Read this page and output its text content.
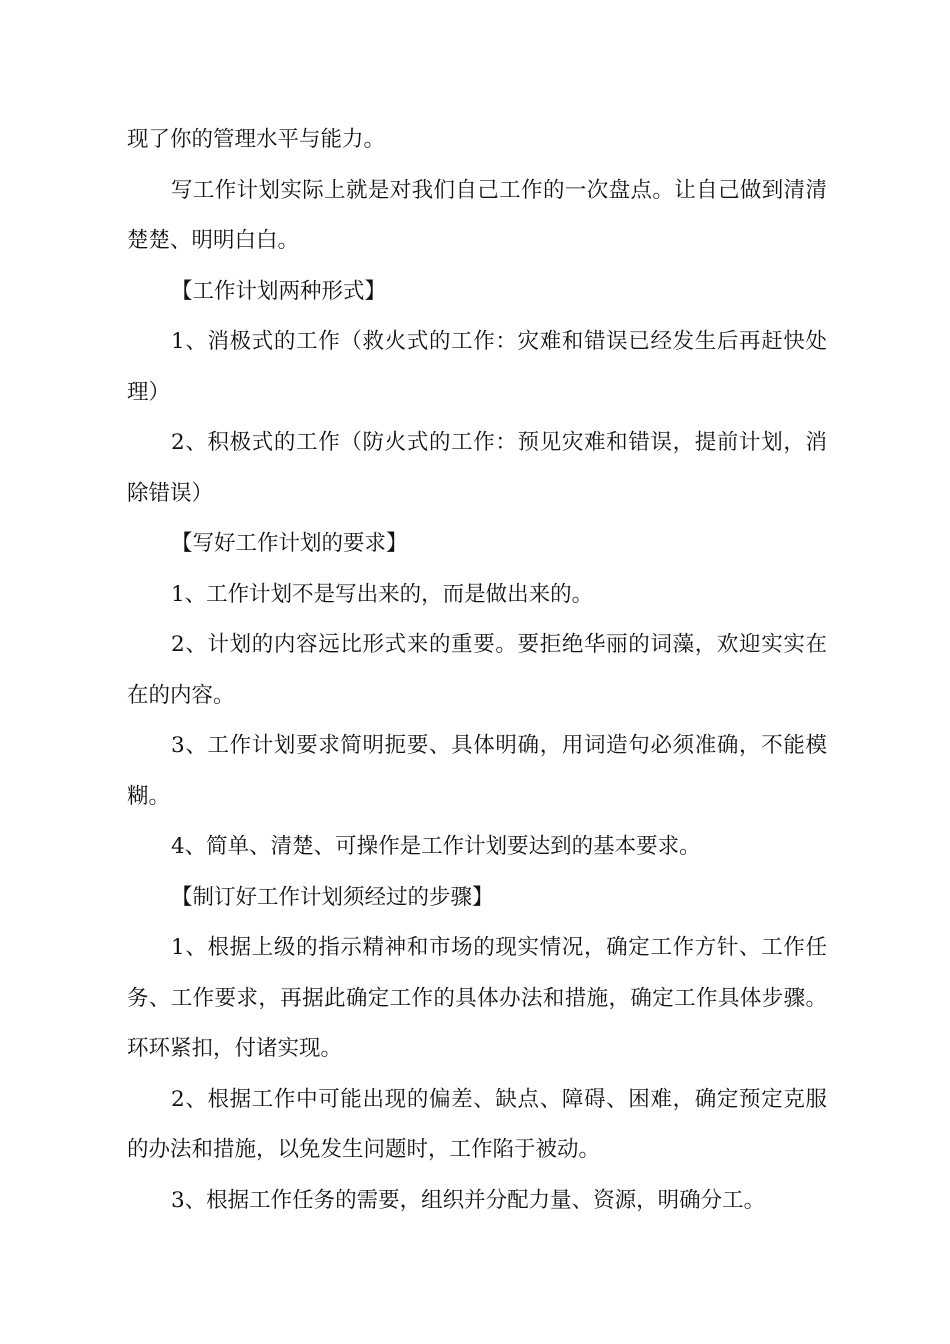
现了你的管理水平与能力。

写工作计划实际上就是对我们自己工作的一次盘点。让自己做到清清楚楚、明明白白。

【工作计划两种形式】

1、消极式的工作（救火式的工作：灾难和错误已经发生后再赶快处理）

2、积极式的工作（防火式的工作：预见灾难和错误，提前计划，消除错误）

【写好工作计划的要求】

1、工作计划不是写出来的，而是做出来的。

2、计划的内容远比形式来的重要。要拒绝华丽的词藻，欢迎实实在在的内容。

3、工作计划要求简明扼要、具体明确，用词造句必须准确，不能模糊。

4、简单、清楚、可操作是工作计划要达到的基本要求。

【制订好工作计划须经过的步骤】

1、根据上级的指示精神和市场的现实情况，确定工作方针、工作任务、工作要求，再据此确定工作的具体办法和措施，确定工作具体步骤。环环紧扣，付诸实现。

2、根据工作中可能出现的偏差、缺点、障碍、困难，确定预定克服的办法和措施，以免发生问题时，工作陷于被动。

3、根据工作任务的需要，组织并分配力量、资源，明确分工。
